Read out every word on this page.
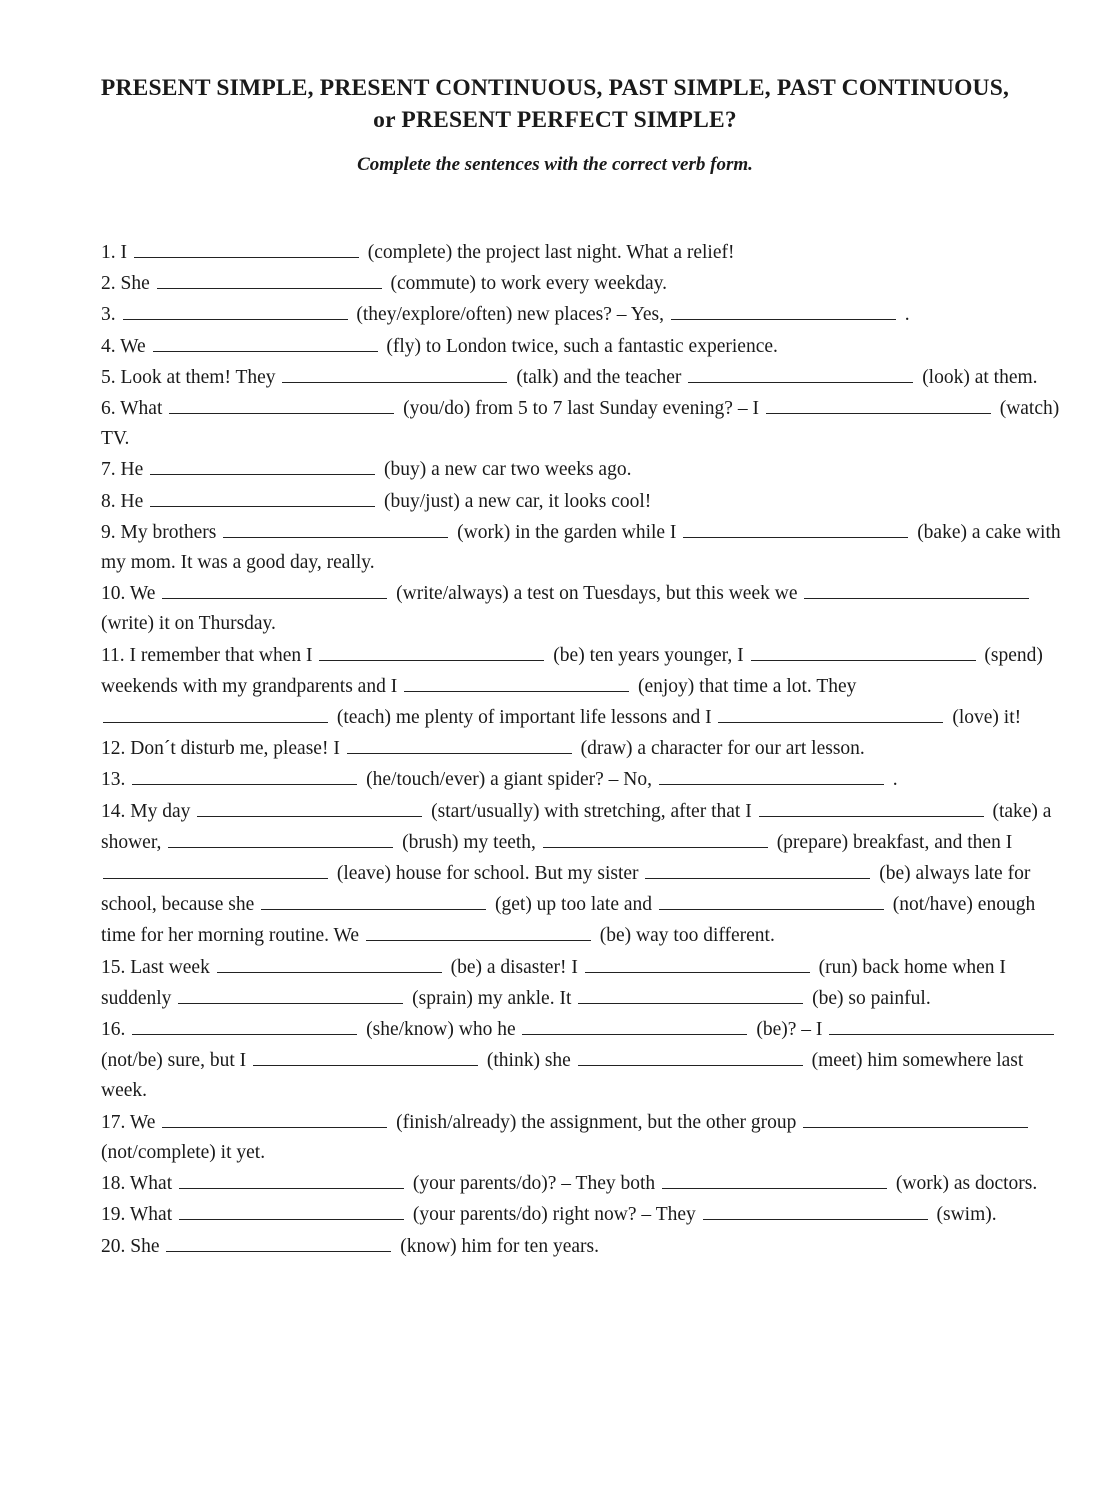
PRESENT SIMPLE, PRESENT CONTINUOUS, PAST SIMPLE, PAST CONTINUOUS,
or PRESENT PERFECT SIMPLE?
Complete the sentences with the correct verb form.
1. I	(complete) the project last night. What a relief!
2. She	(commute) to work every weekday.
3.	(they/explore/often) new places? – Yes,	.
4. We	(fly) to London twice, such a fantastic experience.
5. Look at them! They	(talk) and the teacher	(look) at them.
6. What	(you/do) from 5 to 7 last Sunday evening? – I	(watch) TV.
7. He	(buy) a new car two weeks ago.
8. He	(buy/just) a new car, it looks cool!
9. My brothers	(work) in the garden while I	(bake) a cake with my mom. It was a good day, really.
10. We	(write/always) a test on Tuesdays, but this week we  (write) it on Thursday.
11. I remember that when I	(be) ten years younger, I	(spend) weekends with my grandparents and I	(enjoy) that time a lot. They  (teach) me plenty of important life lessons and I	(love) it!
12. Don´t disturb me, please! I	(draw) a character for our art lesson.
13.	(he/touch/ever) a giant spider? – No,	.
14. My day	(start/usually) with stretching, after that I	(take) a shower,	(brush) my teeth,	(prepare) breakfast, and then I  (leave) house for school. But my sister	(be) always late for school, because she	(get) up too late and	(not/have) enough time for her morning routine. We	(be) way too different.
15. Last week	(be) a disaster! I	(run) back home when I suddenly	(sprain) my ankle. It	(be) so painful.
16.	(she/know) who he	(be)? – I  (not/be) sure, but I	(think) she	(meet) him somewhere last week.
17. We	(finish/already) the assignment, but the other group  (not/complete) it yet.
18. What	(your parents/do)? – They both	(work) as doctors.
19. What	(your parents/do) right now? – They	(swim).
20. She	(know) him for ten years.
